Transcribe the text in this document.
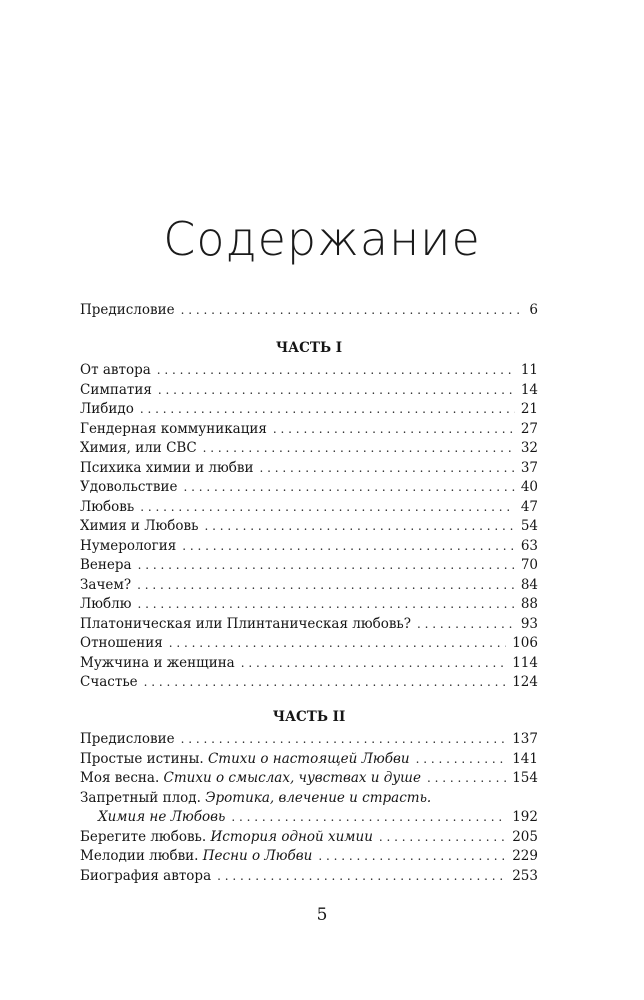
Содержание
Предисловие . . .	6
ЧАСТЬ I
От автора . . .	11
Симпатия . . .	14
Либидо . . .	21
Гендерная коммуникация . . .	27
Химия, или СВС . . .	32
Психика химии и любви . . .	37
Удовольствие . . .	40
Любовь . . .	47
Химия и Любовь . . .	54
Нумерология . . .	63
Венера . . .	70
Зачем? . . .	84
Люблю . . .	88
Платоническая или Плинтаническая любовь? . . .	93
Отношения . . .	106
Мужчина и женщина . . .	114
Счастье . . .	124
ЧАСТЬ II
Предисловие . . .	137
Простые истины. Стихи о настоящей Любви . . .	141
Моя весна. Стихи о смыслах, чувствах и душе . . .	154
Запретный плод. Эротика, влечение и страсть.
Химия не Любовь . . .	192
Берегите любовь. История одной химии . . .	205
Мелодии любви. Песни о Любви . . .	229
Биография автора . . .	253
5
